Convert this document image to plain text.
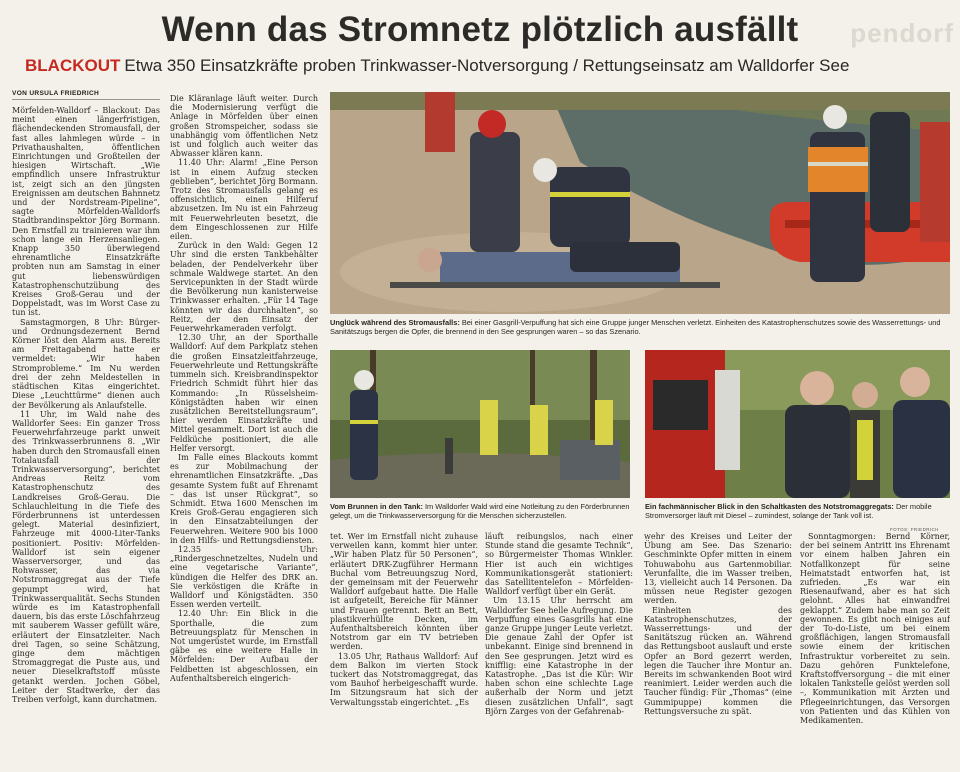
pendorf
Wenn das Stromnetz plötzlich ausfällt
BLACKOUT Etwa 350 Einsatzkräfte proben Trinkwasser-Notversorgung / Rettungseinsatz am Walldorfer See
VON URSULA FRIEDRICH

Mörfelden-Walldorf – Blackout: Das meint einen längerfristigen, flächendeckenden Stromausfall, der fast alles lahmlegen würde – in Privathaushalten, öffentlichen Einrichtungen und Großteilen der hiesigen Wirtschaft. „Wie empfindlich unsere Infrastruktur ist, zeigt sich an den jüngsten Ereignissen am deutschen Bahnnetz und der Nordstream-Pipeline“, sagte Mörfelden-Walldorfs Stadtbrandinspektor Jörg Bormann. Den Ernstfall zu trainieren war ihm schon lange ein Herzensanliegen. Knapp 350 überwiegend ehrenamtliche Einsatzkräfte probten nun am Samstag in einer gut liebenswürdigen Katastrophenschutzübung des Kreises Groß-Gerau und der Doppelstadt, was im Worst Case zu tun ist.

Samstagmorgen, 8 Uhr: Bürger- und Ordnungsdezernent Bernd Körner löst den Alarm aus. Bereits am Freitagabend hatte er vermeldet: „Wir haben Stromprobleme.“ Im Nu werden drei der zehn Meldestellen in städtischen Kitas eingerichtet. Diese „Leuchttürme“ dienen auch der Bevölkerung als Anlaufstelle.

11 Uhr, im Wald nahe des Walldorfer Sees: Ein ganzer Tross Feuerwehrfahrzeuge parkt unweit des Trinkwasserbrunnens 8. „Wir haben durch den Stromausfall einen Totalausfall der Trinkwasserversorgung“, berichtet Andreas Reitz vom Katastrophenschutz des Landkreises Groß-Gerau. Die Schlauchleitung in die Tiefe des Förderbrunnens ist unterdessen gelegt. Material desinfiziert, Fahrzeuge mit 4000-Liter-Tanks positioniert. Positiv: Mörfelden-Walldorf ist sein eigener Wasserversorger, und das Rohwasser, das via Notstromaggregat aus der Tiefe gepumpt wird, hat Trinkwasserqualität. Sechs Stunden würde es im Katastrophenfall dauern, bis das erste Löschfahrzeug mit sauberem Wasser gefüllt wäre, erläutert der Einsatzleiter. Nach drei Tagen, so seine Schätzung, ginge dem mächtigen Stromaggregat die Puste aus, und neuer Dieselkraftstoff müsste getankt werden. Jochen Göbel, Leiter der Stadtwerke, der das Treiben verfolgt, kann durchatmen.

Die Kläranlage läuft weiter. Durch die Modernisierung verfügt die Anlage in Mörfelden über einen großen Stromspeicher, sodass sie unabhängig vom öffentlichen Netz ist und folglich auch weiter das Abwasser klären kann.

11.40 Uhr: Alarm! „Eine Person ist in einem Aufzug stecken geblieben“, berichtet Jörg Bormann. Trotz des Stromausfalls gelang es offensichtlich, einen Hilferuf abzusetzen. Im Nu ist ein Fahrzeug mit Feuerwehrleuten besetzt, die dem Eingeschlossenen zur Hilfe eilen.

Zurück in den Wald: Gegen 12 Uhr sind die ersten Tankbehälter beladen, der Pendelverkehr über schmale Waldwege startet. An den Servicepunkten in der Stadt würde die Bevölkerung nun kanisterweise Trinkwasser erhalten. „Für 14 Tage könnten wir das durchhalten“, so Reitz, der den Einsatz der Feuerwehrkameraden verfolgt.

12.30 Uhr, an der Sporthalle Walldorf: Auf dem Parkplatz stehen die großen Einsatzleitfahrzeuge, Feuerwehrleute und Rettungskräfte tummeln sich. Kreisbrandinspektor Friedrich Schmidt führt hier das Kommando: „In Rüsselsheim-Königstädten haben wir einen zusätzlichen Bereitstellungsraum“, hier werden Einsatzkräfte und Mittel gesammelt. Dort ist auch die Feldküche positioniert, die alle Helfer versorgt.

Im Falle eines Blackouts kommt es zur Mobilmachung der ehrenamtlichen Einsatzkräfte. „Das gesamte System fußt auf Ehrenamt – das ist unser Rückgrat“, so Schmidt. Etwa 1600 Menschen im Kreis Groß-Gerau engagieren sich in den Einsatzabteilungen der Feuerwehren. Weitere 900 bis 1000 in den Hilfs- und Rettungsdiensten.

12.35 Uhr: „Rindergeschnetzeltes, Nudeln und eine vegetarische Variante“, kündigen die Helfer des DRK an. Sie verköstigen die Kräfte in Walldorf und Königstädten. 350 Essen werden verteilt.

12.40 Uhr: Ein Blick in die Sporthalle, die zum Betreuungsplatz für Menschen in Not umgerüstet wurde, im Ernstfall gäbe es eine weitere Halle in Mörfelden: Der Aufbau der Feldbetten ist abgeschlossen, ein Aufenthaltsbereich eingerich-

Unglück während des Stromausfalls: Bei einer Gasgrill-Verpuffung hat sich eine Gruppe junger Menschen verletzt. Einheiten des Katastrophenschutzes sowie des Wasserrettungs- und Sanitätszugs bergen die Opfer, die brennend in den See gesprungen waren – so das Szenario.
Vom Brunnen in den Tank: Im Walldorfer Wald wird eine Notleitung zu den Förderbrunnen gelegt, um die Trinkwasserversorgung für die Menschen sicherzustellen.
Ein fachmännischer Blick in den Schaltkasten des Notstromaggregats: Der mobile Stromversorger läuft mit Diesel – zumindest, solange der Tank voll ist.
FOTOS: FRIEDRICH

tet. Wer im Ernstfall nicht zuhause verweilen kann, kommt hier unter. „Wir haben Platz für 50 Personen“, erläutert DRK-Zugführer Hermann Buchal vom Betreuungszug Nord, der gemeinsam mit der Feuerwehr Walldorf aufgebaut hatte. Die Halle ist aufgeteilt, Bereiche für Männer und Frauen getrennt. Bett an Bett, plastikverhüllte Decken, im Aufenthaltsbereich könnten über Notstrom gar ein TV betrieben werden.

13.05 Uhr, Rathaus Walldorf: Auf dem Balkon im vierten Stock tuckert das Notstromaggregat, das vom Bauhof herbeigeschafft wurde. Im Sitzungsraum hat sich der Verwaltungsstab eingerichtet. „Es

läuft reibungslos, nach einer Stunde stand die gesamte Technik“, so Bürgermeister Thomas Winkler. Hier ist auch ein wichtiges Kommunikationsgerät stationiert: das Satellitentelefon – Mörfelden-Walldorf verfügt über ein Gerät.

Um 13.15 Uhr herrscht am Walldorfer See helle Aufregung. Die Verpuffung eines Gasgrills hat eine ganze Gruppe junger Leute verletzt. Die genaue Zahl der Opfer ist unbekannt. Einige sind brennend in den See gesprungen. Jetzt wird es knifflig: eine Katastrophe in der Katastrophe. „Das ist die Kür: Wir haben schon eine schlechte Lage außerhalb der Norm und jetzt diesen zusätzlichen Unfall“, sagt Björn Zarges von der Gefahrenab-

wehr des Kreises und Leiter der Übung am See. Das Szenario: Geschminkte Opfer mitten in einem Tohuwabohu aus Gartenmobiliar. Verunfallte, die im Wasser treiben, 13, vielleicht auch 14 Personen. Da müssen neue Register gezogen werden.

Einheiten des Katastrophenschutzes, der Wasserrettungs- und der Sanitätszug rücken an. Während das Rettungsboot auslauft und erste Opfer an Bord gezerrt werden, legen die Taucher ihre Montur an. Bereits im schwankenden Boot wird reanimiert. Leider werden auch die Taucher fündig: Für „Thomas“ (eine Gummipuppe) kommen die Rettungsversuche zu spät.

Sonntagmorgen: Bernd Körner, der bei seinem Antritt ins Ehrenamt vor einem halben Jahren ein Notfallkonzept für seine Heimatstadt entworfen hat, ist zufrieden. „Es war ein Riesenaufwand, aber es hat sich gelohnt. Alles hat einwandfrei geklappt.“ Zudem habe man so Zeit gewonnen. Es gibt noch einiges auf der To-do-Liste, um bei einem großflächigen, langen Stromausfall sowie einem der kritischen Infrastruktur vorbereitet zu sein. Dazu gehören Funktelefone, Kraftstoffversorgung – die mit einer lokalen Tankstelle gelöst werden soll –, Kommunikation mit Ärzten und Pflegeeinrichtungen, das Versorgen von Patienten und das Kühlen von Medikamenten.
